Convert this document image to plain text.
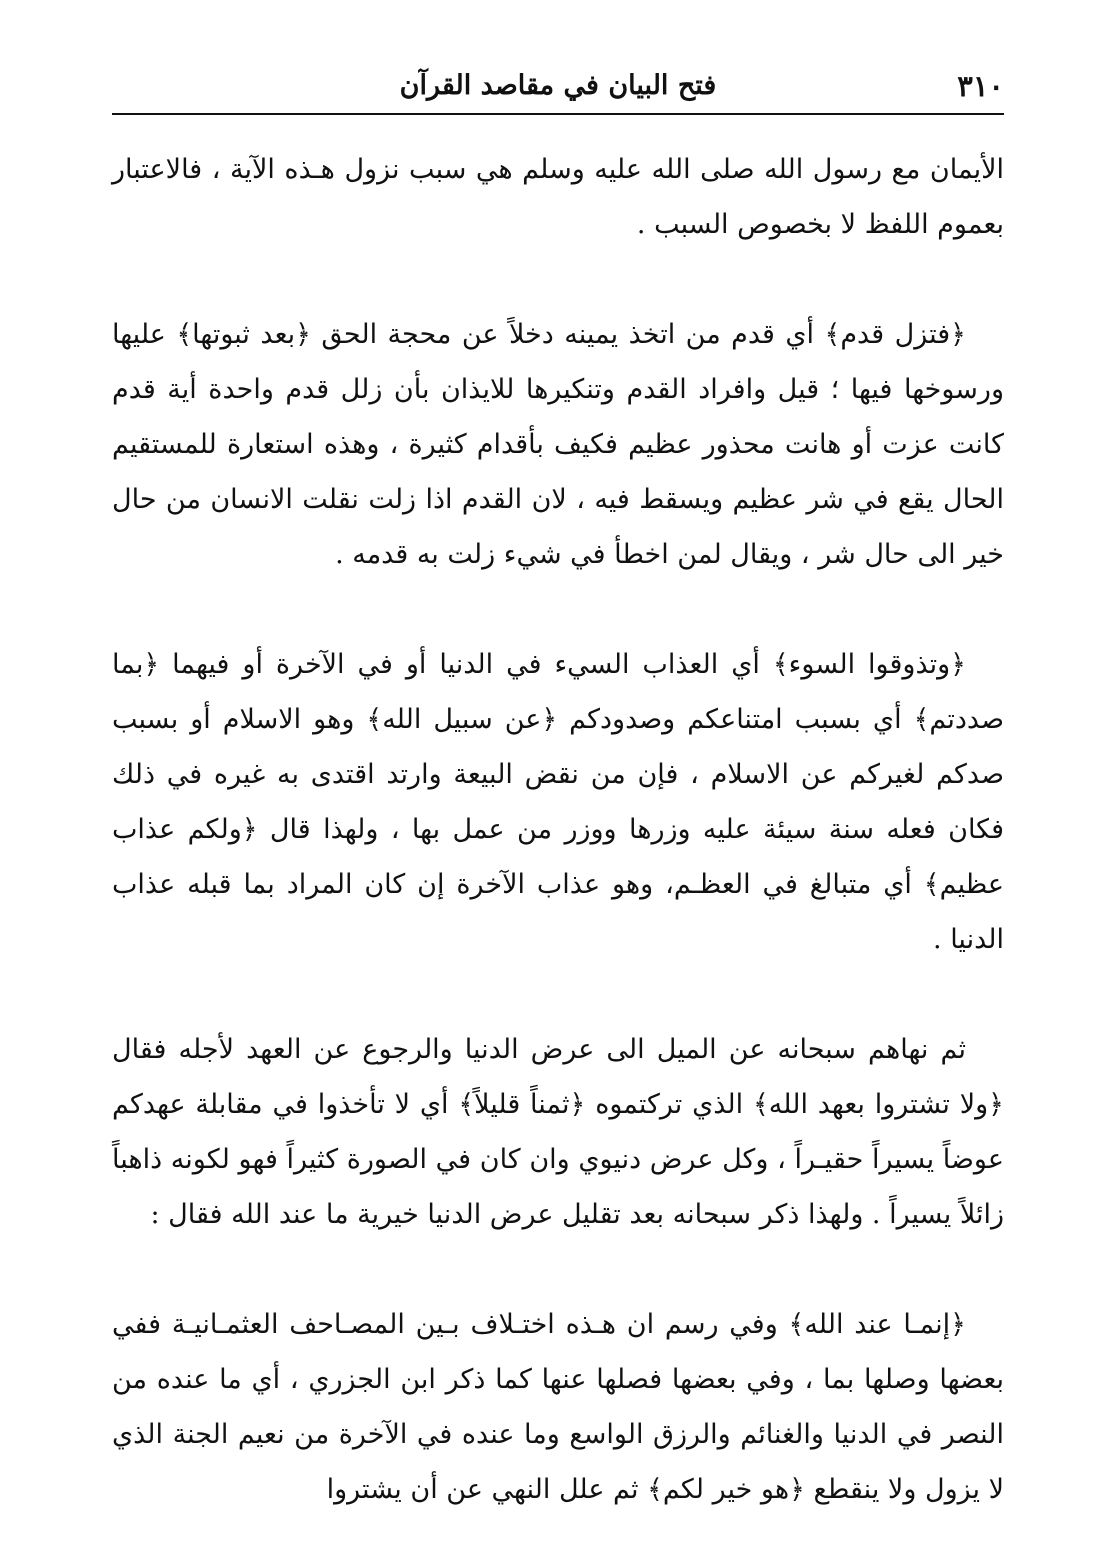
٣١٠
فتح البيان في مقاصد القرآن

الأيمان مع رسول الله صلى الله عليه وسلم هي سبب نزول هـذه الآية ، فالاعتبار بعموم اللفظ لا بخصوص السبب .

﴿فتزل قدم﴾ أي قدم من اتخذ يمينه دخلاً عن محجة الحق ﴿بعد ثبوتها﴾ عليها ورسوخها فيها ؛ قيل وافراد القدم وتنكيرها للايذان بأن زلل قدم واحدة أية قدم كانت عزت أو هانت محذور عظيم فكيف بأقدام كثيرة ، وهذه استعارة للمستقيم الحال يقع في شر عظيم ويسقط فيه ، لان القدم اذا زلت نقلت الانسان من حال خير الى حال شر ، ويقال لمن اخطأ في شيء زلت به قدمه .

﴿وتذوقوا السوء﴾ أي العذاب السيء في الدنيا أو في الآخرة أو فيهما ﴿بما صددتم﴾ أي بسبب امتناعكم وصدودكم ﴿عن سبيل الله﴾ وهو الاسلام أو بسبب صدكم لغيركم عن الاسلام ، فإن من نقض البيعة وارتد اقتدى به غيره في ذلك فكان فعله سنة سيئة عليه وزرها ووزر من عمل بها ، ولهذا قال ﴿ولكم عذاب عظيم﴾ أي متبالغ في العظـم، وهو عذاب الآخرة إن كان المراد بما قبله عذاب الدنيا .

ثم نهاهم سبحانه عن الميل الى عرض الدنيا والرجوع عن العهد لأجله فقال ﴿ولا تشتروا بعهد الله﴾ الذي تركتموه ﴿ثمناً قليلاً﴾ أي لا تأخذوا في مقابلة عهدكم عوضاً يسيراً حقيـراً ، وكل عرض دنيوي وان كان في الصورة كثيراً فهو لكونه ذاهباً زائلاً يسيراً . ولهذا ذكر سبحانه بعد تقليل عرض الدنيا خيرية ما عند الله فقال :

﴿إنمـا عند الله﴾ وفي رسم ان هـذه اختـلاف بـين المصـاحف العثمـانيـة ففي بعضها وصلها بما ، وفي بعضها فصلها عنها كما ذكر ابن الجزري ، أي ما عنده من النصر في الدنيا والغنائم والرزق الواسع وما عنده في الآخرة من نعيم الجنة الذي لا يزول ولا ينقطع ﴿هو خير لكم﴾ ثم علل النهي عن أن يشتروا
